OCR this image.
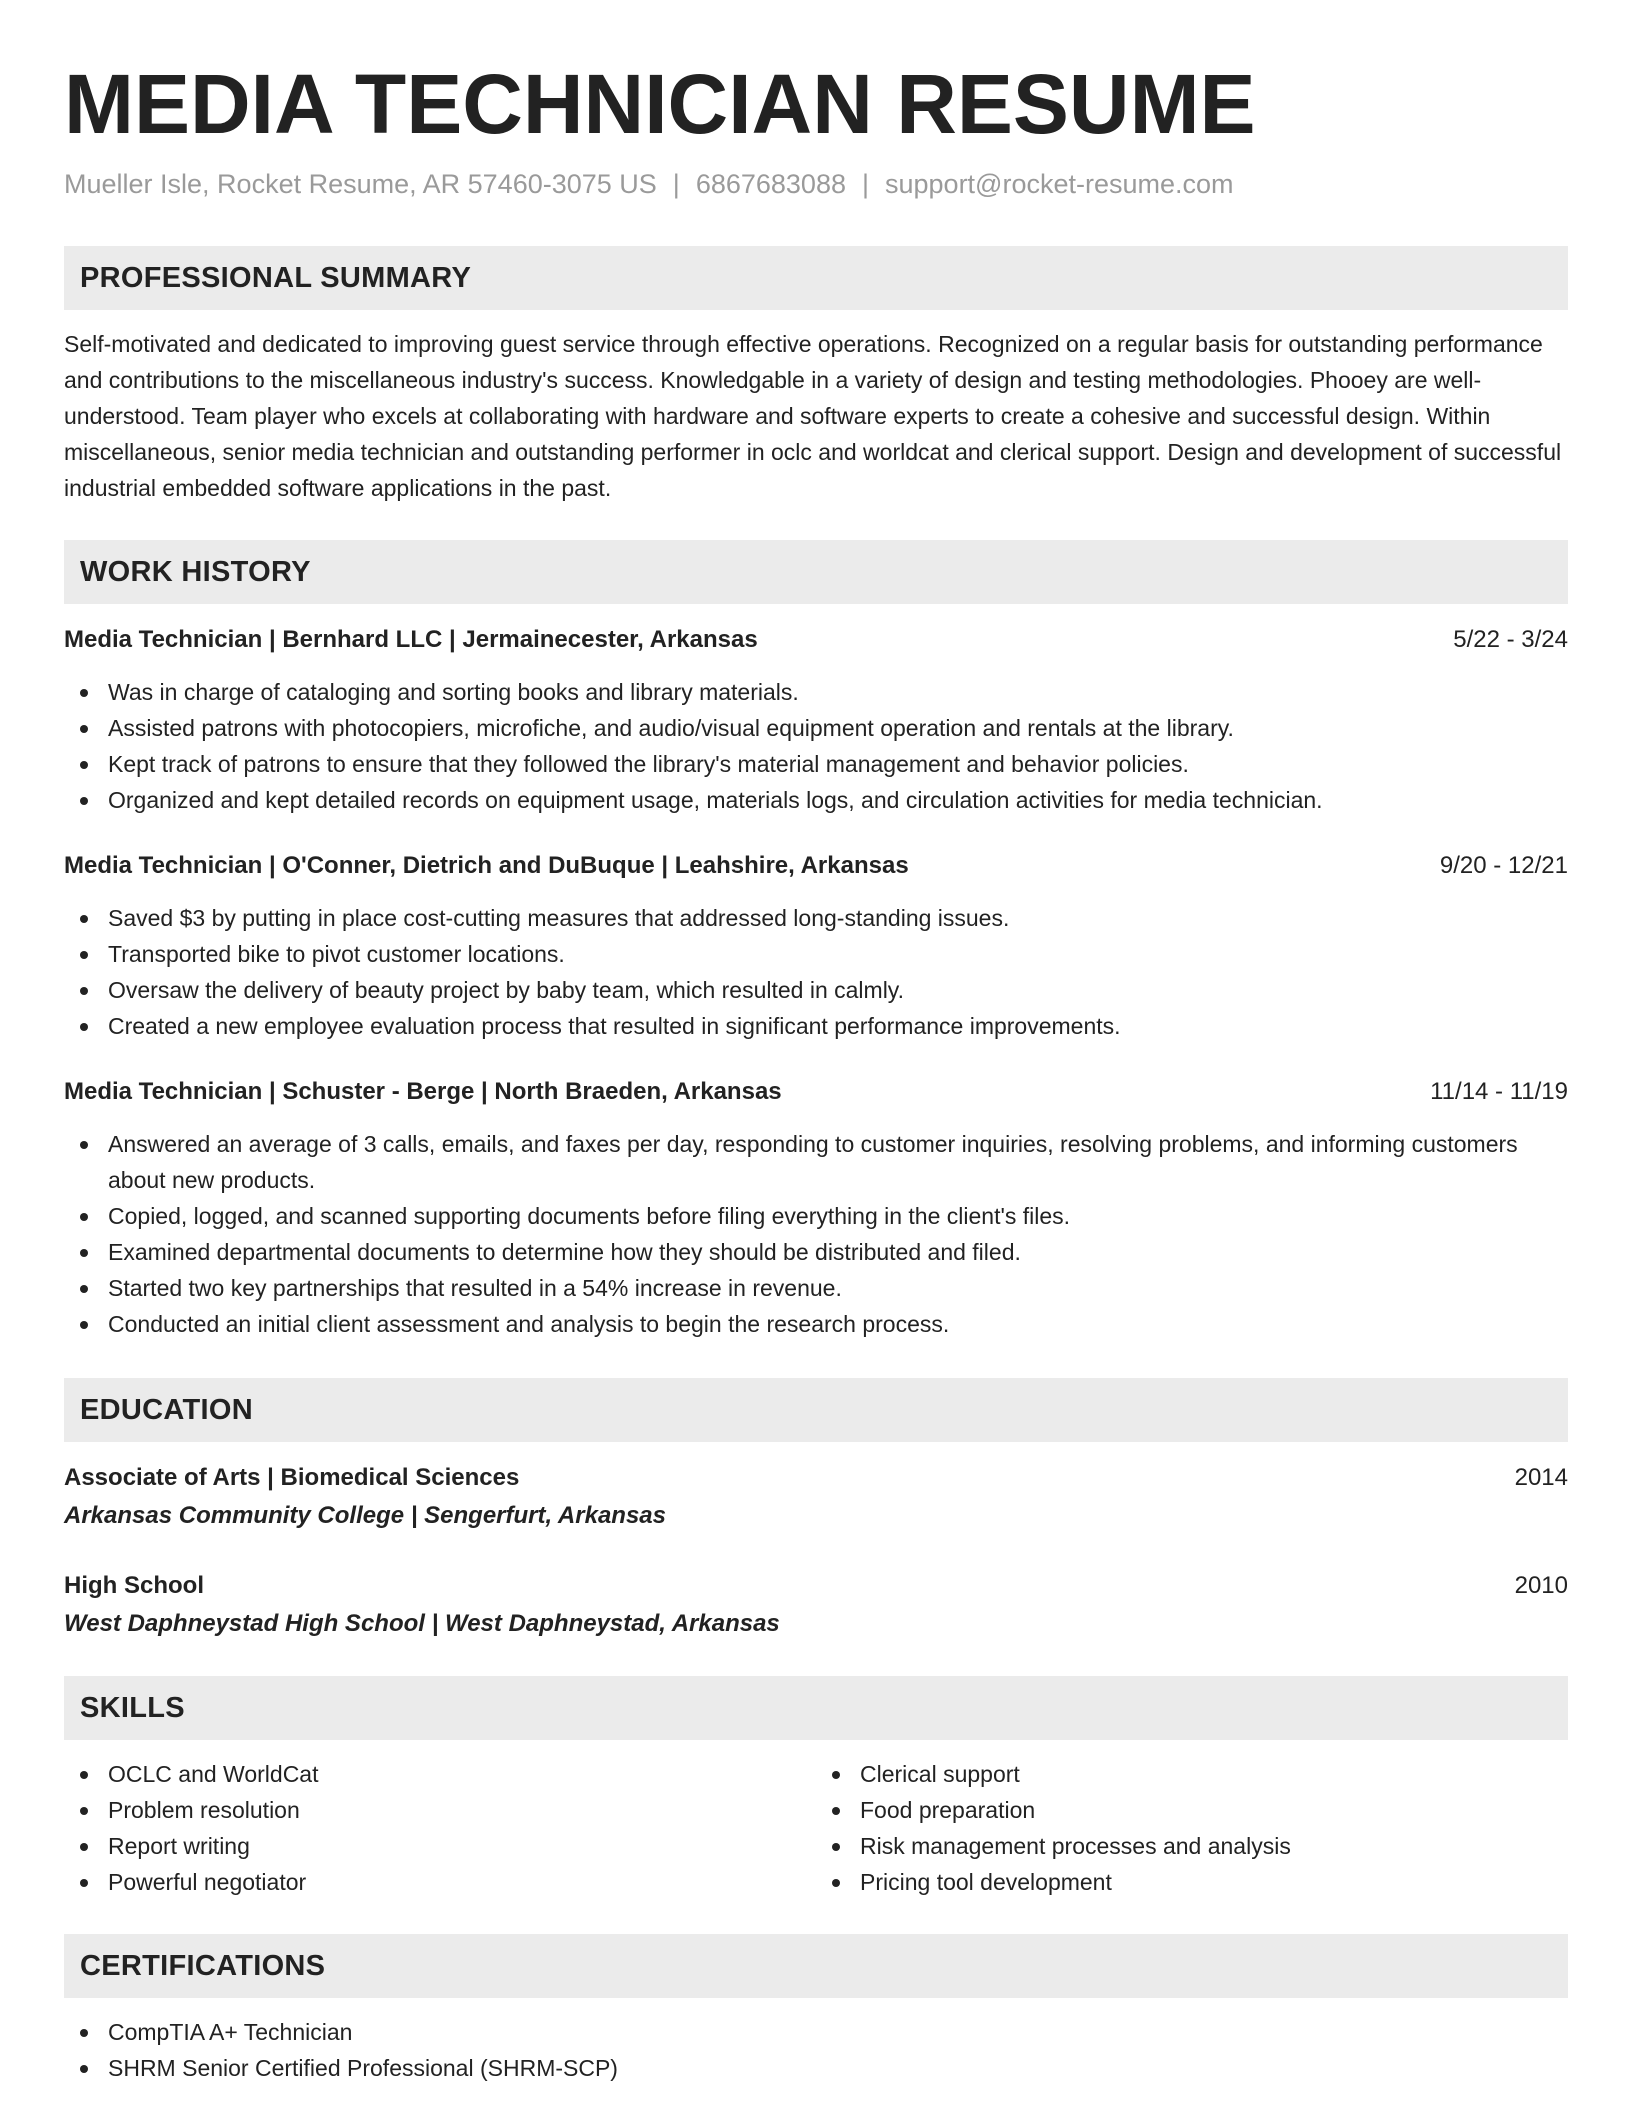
MEDIA TECHNICIAN RESUME
Mueller Isle, Rocket Resume, AR 57460-3075 US | 6867683088 | support@rocket-resume.com
PROFESSIONAL SUMMARY

Self-motivated and dedicated to improving guest service through effective operations. Recognized on a regular basis for outstanding performance and contributions to the miscellaneous industry's success. Knowledgable in a variety of design and testing methodologies. Phooey are well-understood. Team player who excels at collaborating with hardware and software experts to create a cohesive and successful design. Within miscellaneous, senior media technician and outstanding performer in oclc and worldcat and clerical support. Design and development of successful industrial embedded software applications in the past.

WORK HISTORY
Media Technician | Bernhard LLC | Jermainecester, Arkansas	5/22 - 3/24
Was in charge of cataloging and sorting books and library materials.
Assisted patrons with photocopiers, microfiche, and audio/visual equipment operation and rentals at the library.
Kept track of patrons to ensure that they followed the library's material management and behavior policies.
Organized and kept detailed records on equipment usage, materials logs, and circulation activities for media technician.
Media Technician | O'Conner, Dietrich and DuBuque | Leahshire, Arkansas	9/20 - 12/21
Saved $3 by putting in place cost-cutting measures that addressed long-standing issues.
Transported bike to pivot customer locations.
Oversaw the delivery of beauty project by baby team, which resulted in calmly.
Created a new employee evaluation process that resulted in significant performance improvements.
Media Technician | Schuster - Berge | North Braeden, Arkansas	11/14 - 11/19
Answered an average of 3 calls, emails, and faxes per day, responding to customer inquiries, resolving problems, and informing customers about new products.
Copied, logged, and scanned supporting documents before filing everything in the client's files.
Examined departmental documents to determine how they should be distributed and filed.
Started two key partnerships that resulted in a 54% increase in revenue.
Conducted an initial client assessment and analysis to begin the research process.
EDUCATION
Associate of Arts | Biomedical Sciences	2014
Arkansas Community College | Sengerfurt, Arkansas
High School	2010
West Daphneystad High School | West Daphneystad, Arkansas
SKILLS
OCLC and WorldCat
Problem resolution
Report writing
Powerful negotiator
Clerical support
Food preparation
Risk management processes and analysis
Pricing tool development
CERTIFICATIONS
CompTIA A+ Technician
SHRM Senior Certified Professional (SHRM-SCP)
